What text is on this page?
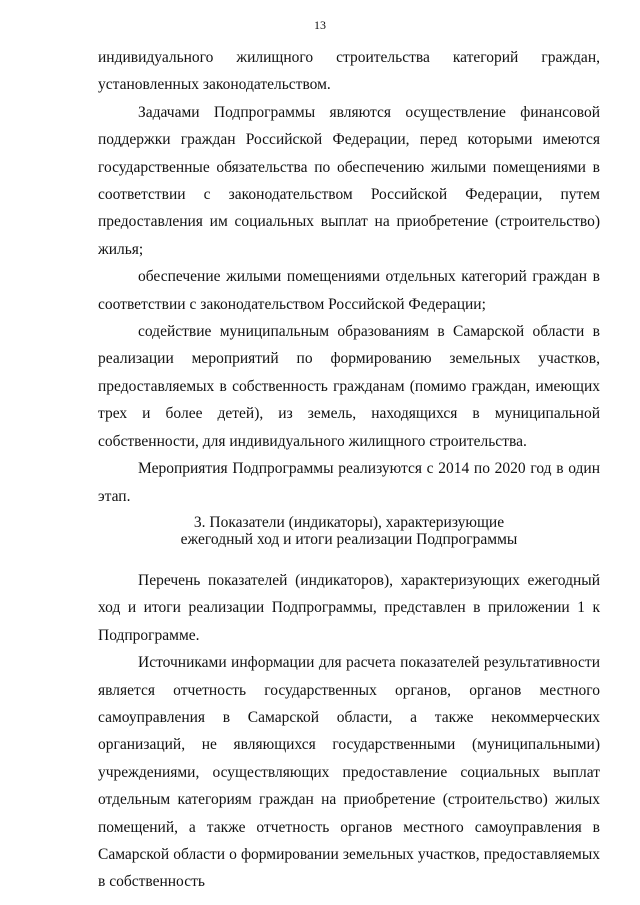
13

индивидуального жилищного строительства категорий граждан, установленных законодательством.

Задачами Подпрограммы являются осуществление финансовой поддержки граждан Российской Федерации, перед которыми имеются государственные обязательства по обеспечению жилыми помещениями в соответствии с законодательством Российской Федерации, путем предоставления им социальных выплат на приобретение (строительство) жилья;

обеспечение жилыми помещениями отдельных категорий граждан в соответствии с законодательством Российской Федерации;

содействие муниципальным образованиям в Самарской области в реализации мероприятий по формированию земельных участков, предоставляемых в собственность гражданам (помимо граждан, имеющих трех и более детей), из земель, находящихся в муниципальной собственности, для индивидуального жилищного строительства.

Мероприятия Подпрограммы реализуются с 2014 по 2020 год в один этап.

3. Показатели (индикаторы), характеризующие
ежегодный ход и итоги реализации Подпрограммы

Перечень показателей (индикаторов), характеризующих ежегодный ход и итоги реализации Подпрограммы, представлен в приложении 1 к Подпрограмме.

Источниками информации для расчета показателей результативности является отчетность государственных органов, органов местного самоуправления в Самарской области, а также некоммерческих организаций, не являющихся государственными (муниципальными) учреждениями, осуществляющих предоставление социальных выплат отдельным категориям граждан на приобретение (строительство) жилых помещений, а также отчетность органов местного самоуправления в Самарской области о формировании земельных участков, предоставляемых в собственность
